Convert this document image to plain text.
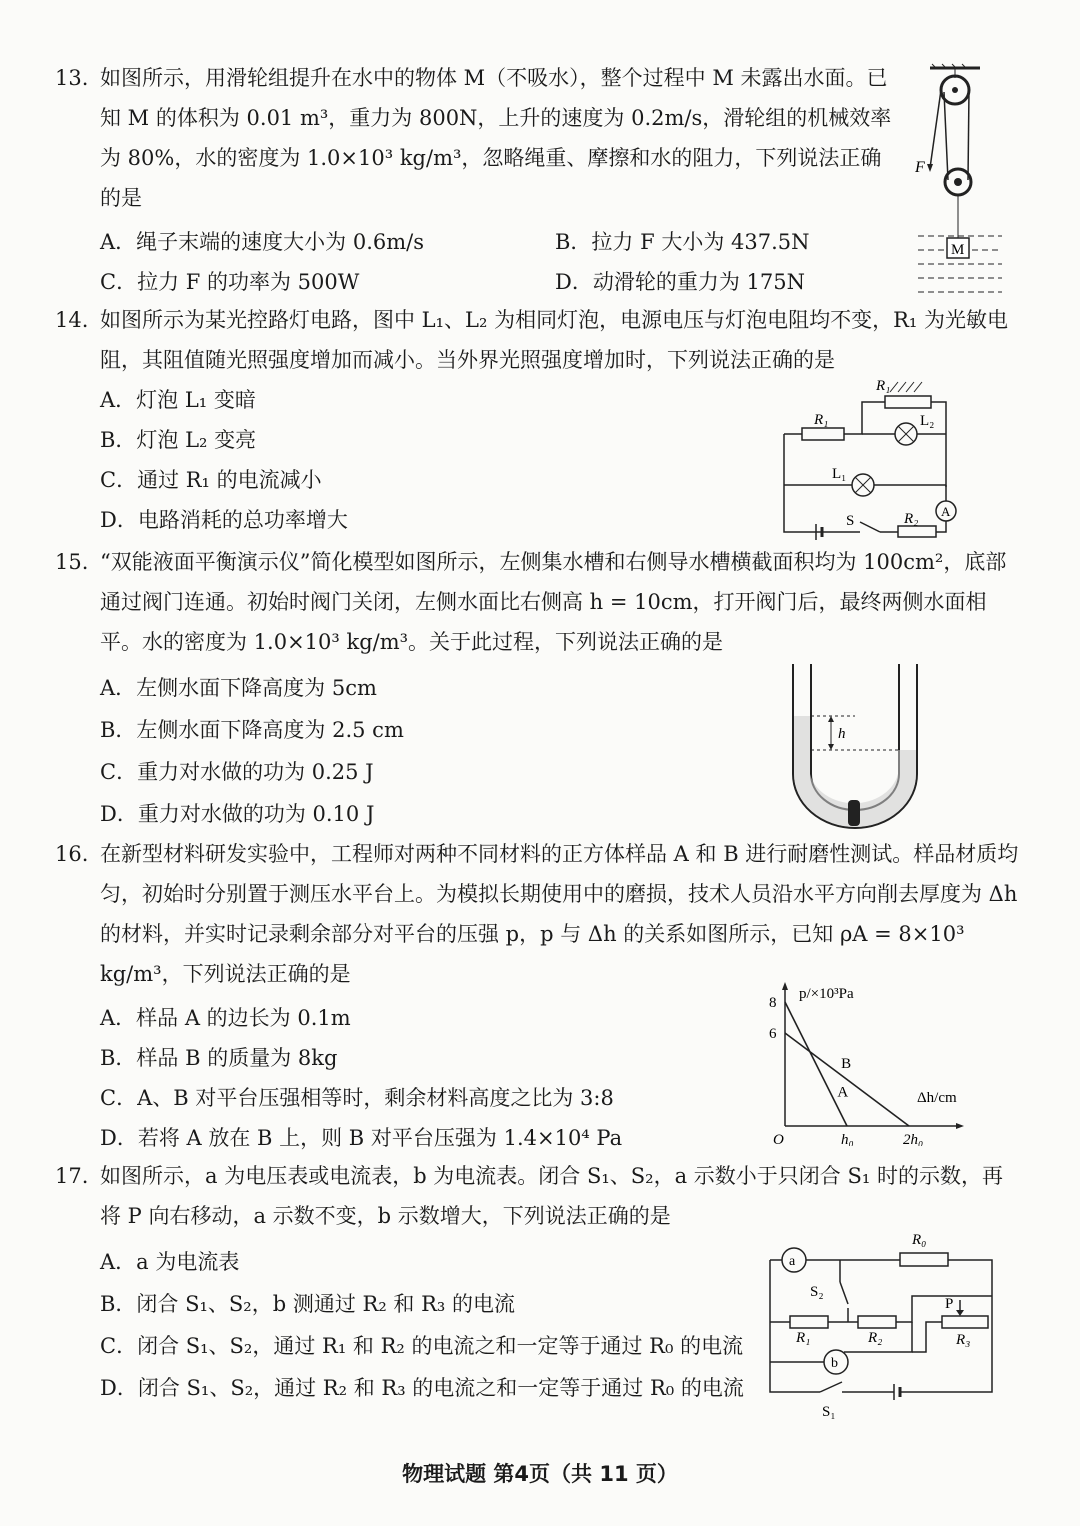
13. 如图所示，用滑轮组提升在水中的物体 M（不吸水），整个过程中 M 未露出水面。已知 M 的体积为 0.01 m³，重力为 800N，上升的速度为 0.2m/s，滑轮组的机械效率为 80%，水的密度为 1.0×10³ kg/m³，忽略绳重、摩擦和水的阻力，下列说法正确的是
A．绳子末端的速度大小为 0.6m/s	B．拉力 F 大小为 437.5N
C．拉力 F 的功率为 500W	D．动滑轮的重力为 175N
F
M
14. 如图所示为某光控路灯电路，图中 L₁、L₂ 为相同灯泡，电源电压与灯泡电阻均不变，R₁ 为光敏电阻，其阻值随光照强度增加而减小。当外界光照强度增加时，下列说法正确的是
A．灯泡 L₁ 变暗
B．灯泡 L₂ 变亮
C．通过 R₁ 的电流减小
D．电路消耗的总功率增大	A
R₁
R₁	L₂
L₁
S	R₂
15. “双能液面平衡演示仪”简化模型如图所示，左侧集水槽和右侧导水槽横截面积均为 100cm²，底部通过阀门连通。初始时阀门关闭，左侧水面比右侧高 h = 10cm，打开阀门后，最终两侧水面相平。水的密度为 1.0×10³ kg/m³。关于此过程，下列说法正确的是
A．左侧水面下降高度为 5cm
B．左侧水面下降高度为 2.5 cm
C．重力对水做的功为 0.25 J
D．重力对水做的功为 0.10 J
h
16. 在新型材料研发实验中，工程师对两种不同材料的正方体样品 A 和 B 进行耐磨性测试。样品材质均匀，初始时分别置于测压水平台上。为模拟长期使用中的磨损，技术人员沿水平方向削去厚度为 Δh 的材料，并实时记录剩余部分对平台的压强 p，p 与 Δh 的关系如图所示，已知 ρA = 8×10³ kg/m³，下列说法正确的是
A．样品 A 的边长为 0.1m
B．样品 B 的质量为 8kg
C．A、B 对平台压强相等时，剩余材料高度之比为 3:8
D．若将 A 放在 B 上，则 B 对平台压强为 1.4×10⁴ Pa
p/×10³Pa
Δh/cm
O	h₀	2h₀
6
8
A
B
17. 如图所示，a 为电压表或电流表，b 为电流表。闭合 S₁、S₂，a 示数小于只闭合 S₁ 时的示数，再将 P 向右移动，a 示数不变，b 示数增大，下列说法正确的是
A．a 为电流表
B．闭合 S₁、S₂，b 测通过 R₂ 和 R₃ 的电流
C．闭合 S₁、S₂，通过 R₁ 和 R₂ 的电流之和一定等于通过 R₀ 的电流
D．闭合 S₁、S₂，通过 R₂ 和 R₃ 的电流之和一定等于通过 R₀ 的电流
a
R₀
S₂
P
b
R₁	R₂	R₃
S₁
物理试题 第4页（共 11 页）
